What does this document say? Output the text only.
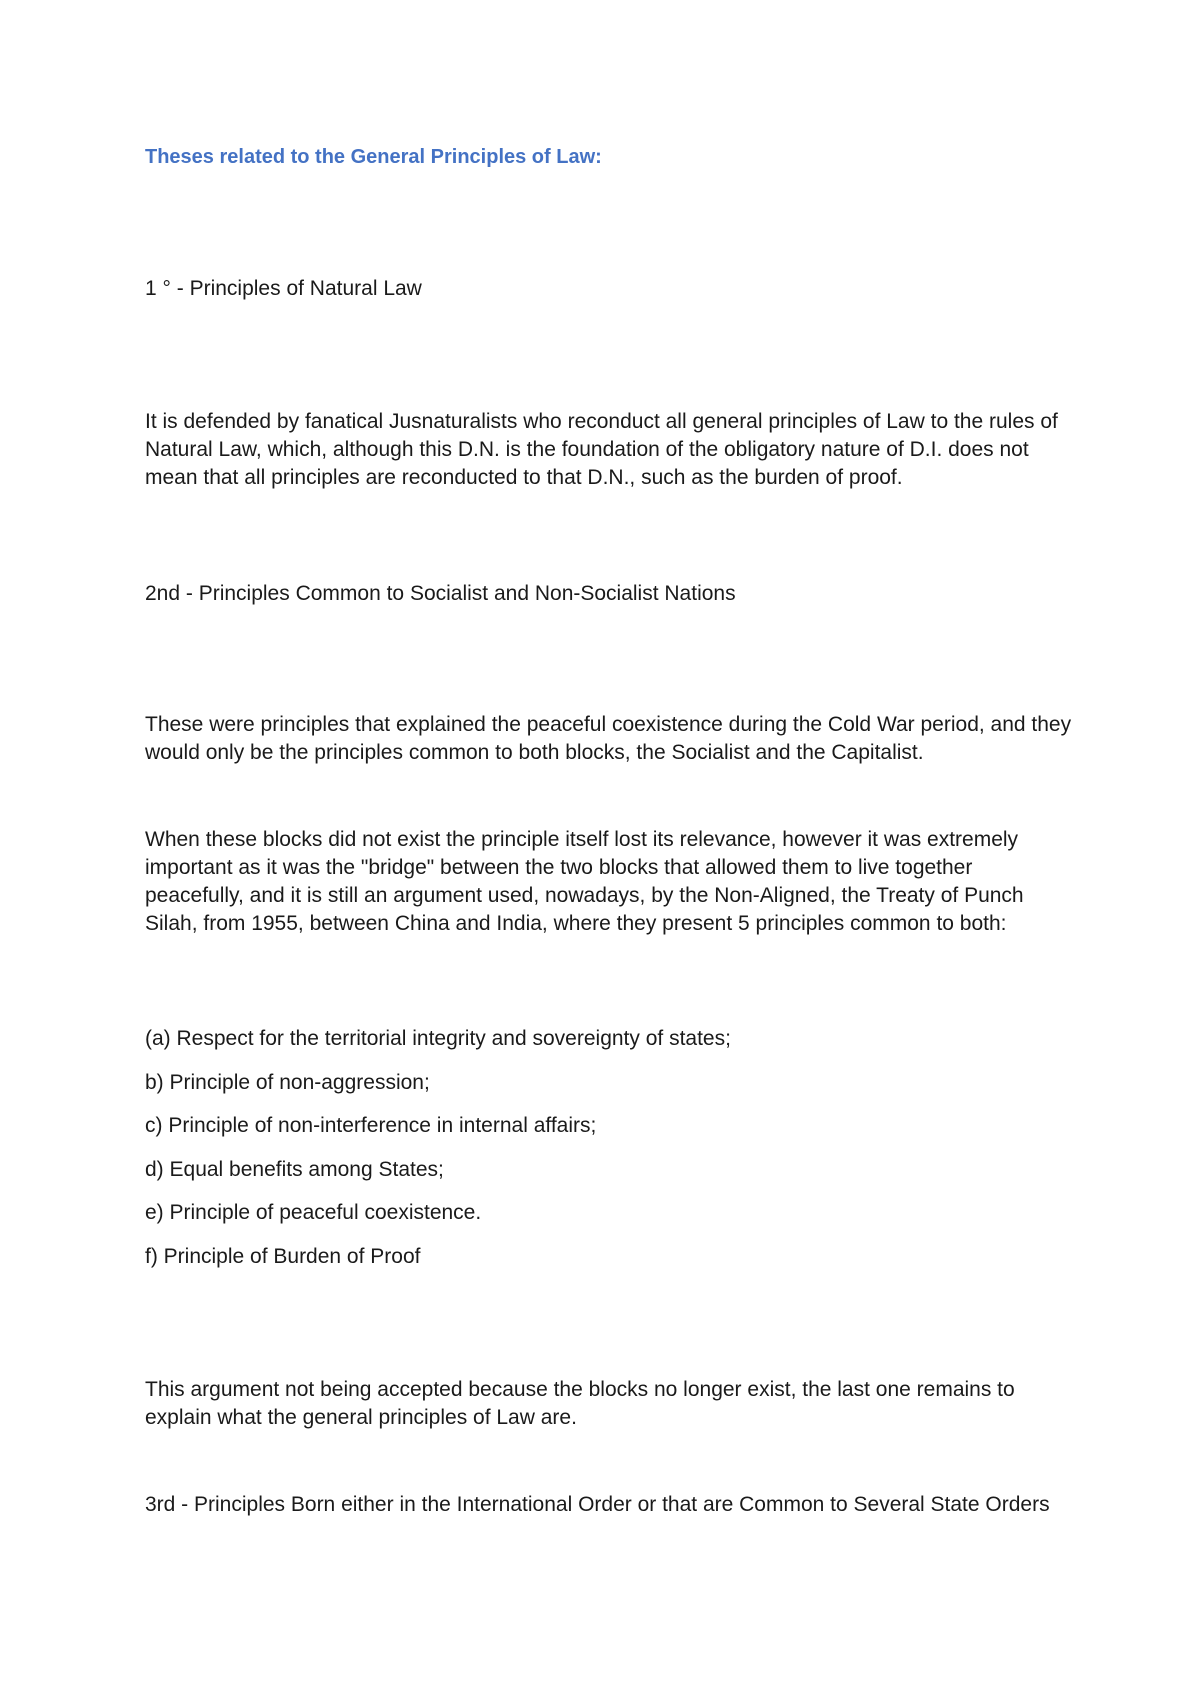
Theses related to the General Principles of Law:

1 ° - Principles of Natural Law

It is defended by fanatical Jusnaturalists who reconduct all general principles of Law to the rules of Natural Law, which, although this D.N. is the foundation of the obligatory nature of D.I. does not mean that all principles are reconducted to that D.N., such as the burden of proof.

2nd - Principles Common to Socialist and Non-Socialist Nations

These were principles that explained the peaceful coexistence during the Cold War period, and they would only be the principles common to both blocks, the Socialist and the Capitalist.

When these blocks did not exist the principle itself lost its relevance, however it was extremely important as it was the "bridge" between the two blocks that allowed them to live together peacefully, and it is still an argument used, nowadays, by the Non-Aligned, the Treaty of Punch Silah, from 1955, between China and India, where they present 5 principles common to both:

(a) Respect for the territorial integrity and sovereignty of states;

b) Principle of non-aggression;

c) Principle of non-interference in internal affairs;

d) Equal benefits among States;

e) Principle of peaceful coexistence.

f) Principle of Burden of Proof

This argument not being accepted because the blocks no longer exist, the last one remains to explain what the general principles of Law are.

3rd - Principles Born either in the International Order or that are Common to Several State Orders
